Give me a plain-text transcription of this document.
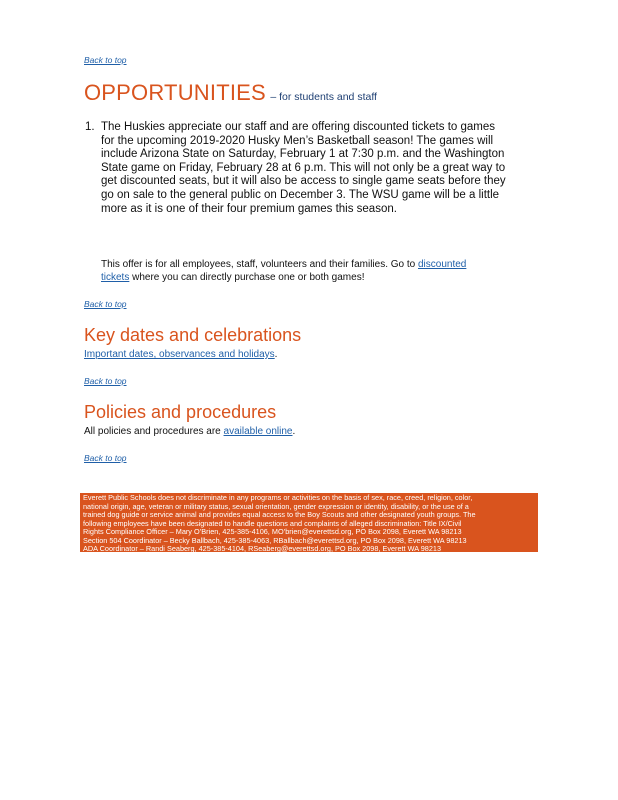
Back to top
OPPORTUNITIES – for students and staff
1. The Huskies appreciate our staff and are offering discounted tickets to games
for the upcoming 2019-2020 Husky Men’s Basketball season! The games will
include Arizona State on Saturday, February 1 at 7:30 p.m. and the Washington
State game on Friday, February 28 at 6 p.m. This will not only be a great way to
get discounted seats, but it will also be access to single game seats before they
go on sale to the general public on December 3. The WSU game will be a little
more as it is one of their four premium games this season.
This offer is for all employees, staff, volunteers and their families. Go to discounted
tickets where you can directly purchase one or both games!
Back to top
Key dates and celebrations
Important dates, observances and holidays.
Back to top
Policies and procedures
All policies and procedures are available online.
Back to top
Everett Public Schools does not discriminate in any programs or activities on the basis of sex, race, creed, religion, color,
national origin, age, veteran or military status, sexual orientation, gender expression or identity, disability, or the use of a
trained dog guide or service animal and provides equal access to the Boy Scouts and other designated youth groups. The
following employees have been designated to handle questions and complaints of alleged discrimination: Title IX/Civil
Rights Compliance Officer – Mary O’Brien, 425-385-4106, MO’brien@everettsd.org, PO Box 2098, Everett WA 98213
Section 504 Coordinator – Becky Ballbach, 425-385-4063, RBallbach@everettsd.org, PO Box 2098, Everett WA 98213
ADA Coordinator – Randi Seaberg, 425-385-4104, RSeaberg@everettsd.org, PO Box 2098, Everett WA 98213
